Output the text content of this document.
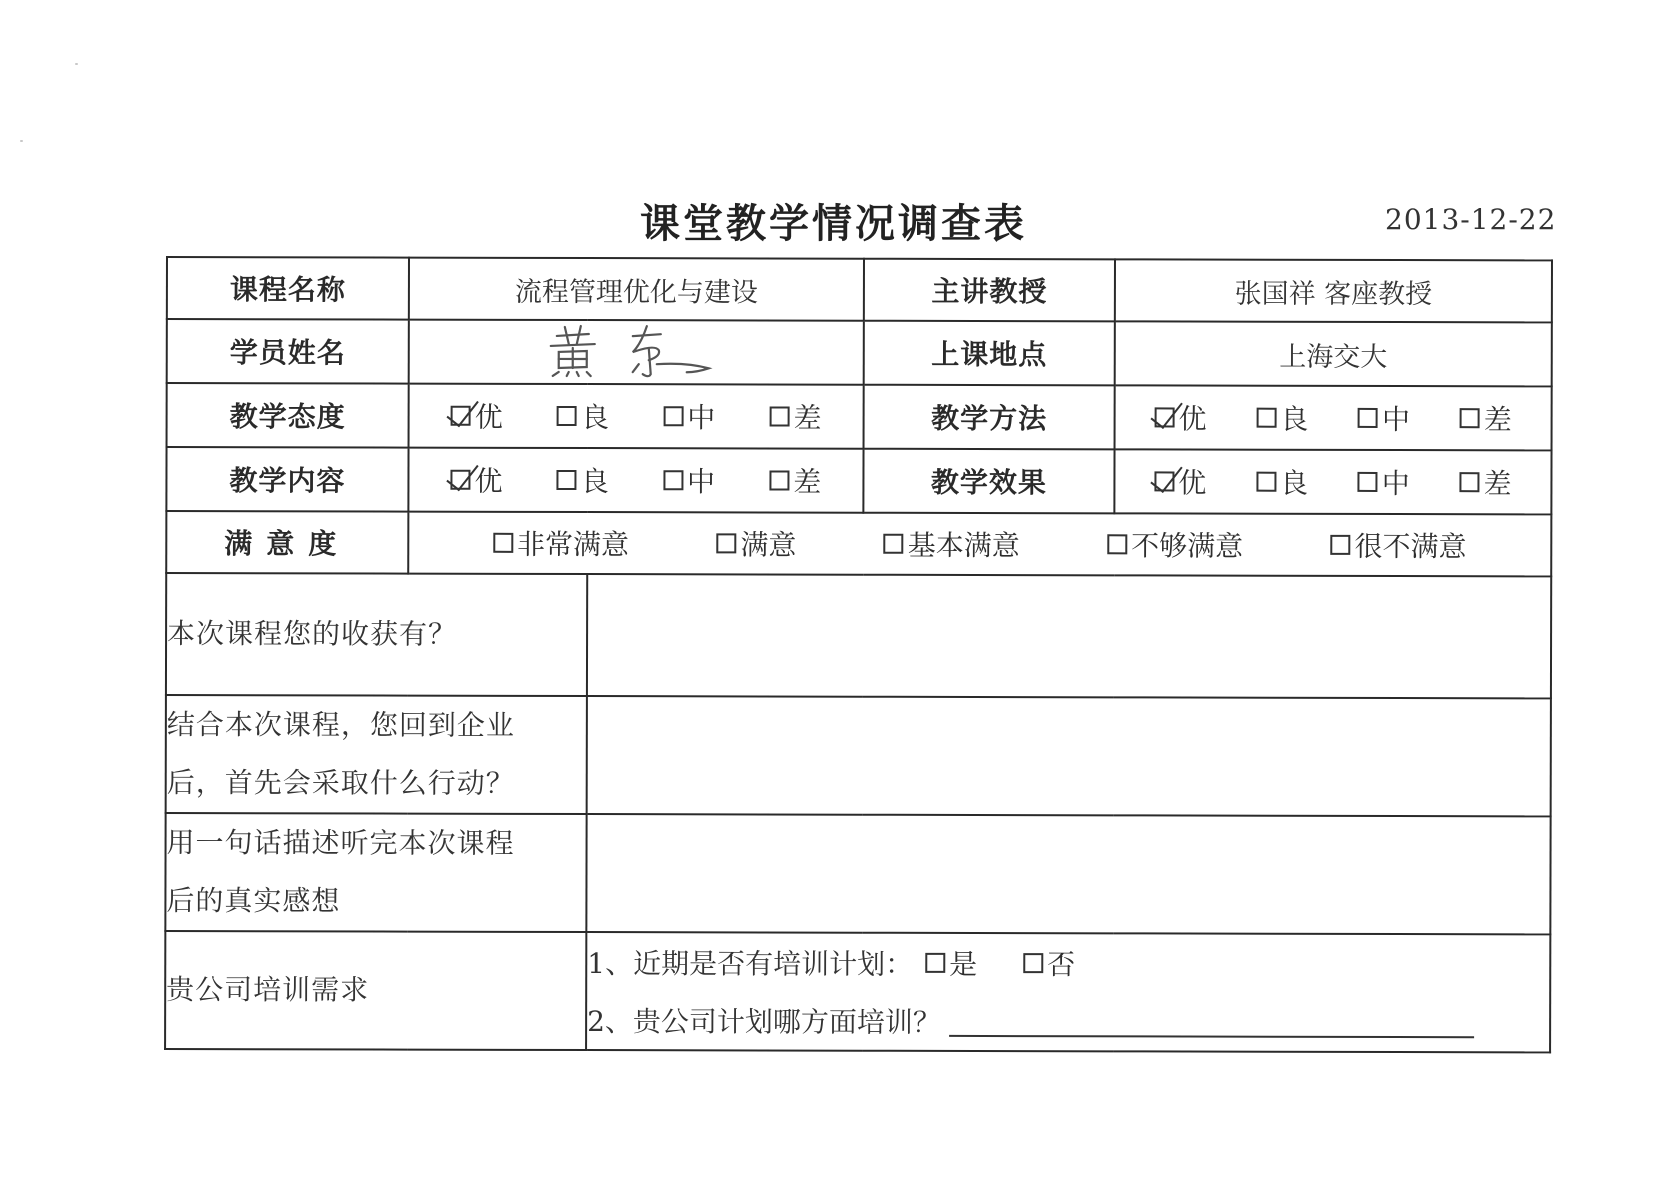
课堂教学情况调查表	2013-12-22
课程名称	流程管理优化与建设		主讲教授	张国祥 客座教授
学员姓名			上课地点	上海交大
教学态度	优 良 中 差		教学方法	优 良 中 差

教学内容	优 良 中 差		教学效果	优 良 中 差

满意度	非常满意 满意 基本满意 不够满意 很不满意			

本次课程您的收获有？				

结合本次课程，您回到企业
后，首先会采取什么行动？				

用一句话描述听完本次课程
后的真实感想				

贵公司培训需求		1、近期是否有培训计划： 是 否
2、贵公司计划哪方面培训？		
